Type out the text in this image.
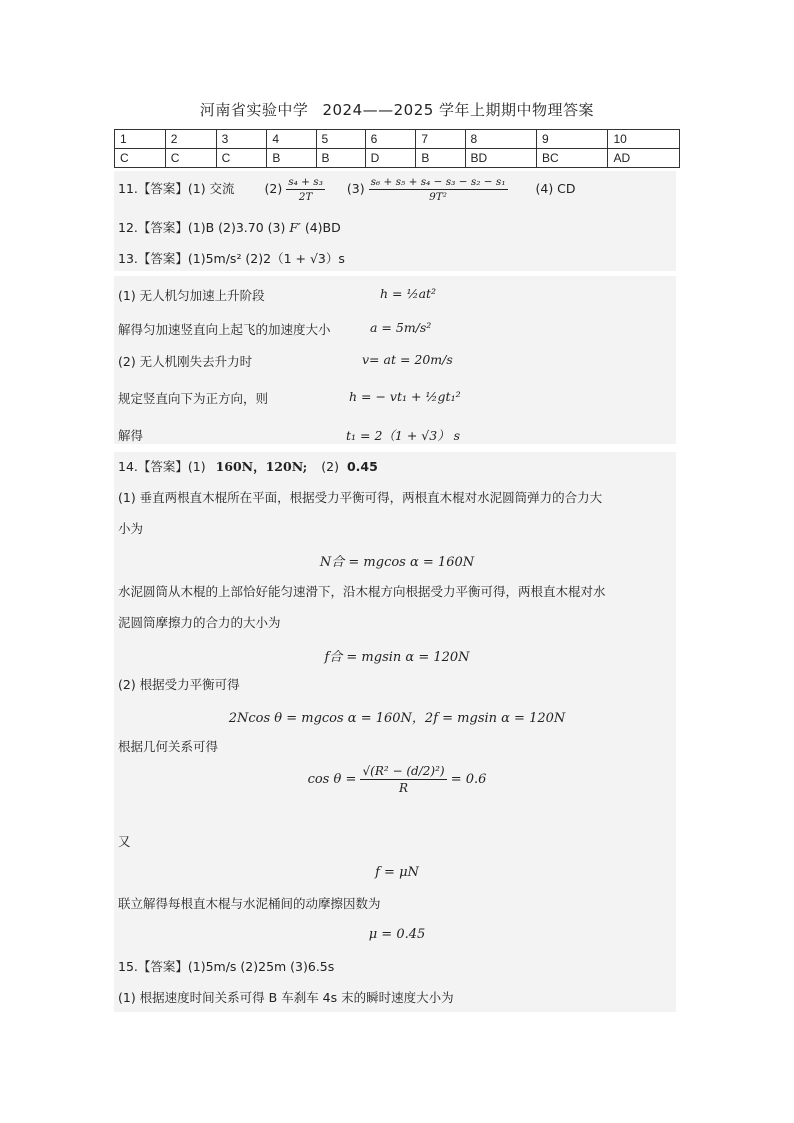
河南省实验中学 2024——2025 学年上期期中物理答案
1	2	3	4	5	6	7	8	9	10
C	C	C	B	B	D	B	BD	BC	AD
11.【答案】(1) 交流 $(2) \frac{\text{s₄ + s₃}}{2T} (3) \frac{\text{s₆ + s₅ + s₄ − s₃ − s₂ − s₁}}{\text{9T²}} (4)$ CD
12.【答案】(1)B (2)3.70 (3) F′ (4)BD
13.【答案】(1)5m/s² (2)2（1 + √3）s
(1) 无人机匀加速上升阶段	h = ½at²
解得匀加速竖直向上起飞的加速度大小	a = 5m/s²
(2) 无人机刚失去升力时	v= at = 20m/s
规定竖直向下为正方向，则	h = − vt₁ + ½gt₁²
解得	t₁ = 2（1 + √3） s
14.【答案】(1) 160N，120N; (2) 0.45
(1) 垂直两根直木棍所在平面，根据受力平衡可得，两根直木棍对水泥圆筒弹力的合力大
小为
N合 = mgcos α = 160N
水泥圆筒从木棍的上部恰好能匀速滑下，沿木棍方向根据受力平衡可得，两根直木棍对水
泥圆筒摩擦力的合力的大小为
f合 = mgsin α = 120N
(2) 根据受力平衡可得
2Ncos θ = mgcos α = 160N，2f = mgsin α = 120N
根据几何关系可得
$\cos \theta = \frac{\text{√(R² − (d/2)²)}}{R} = 0.6$
又
f = μN
联立解得每根直木棍与水泥桶间的动摩擦因数为
μ = 0.45
15.【答案】(1)5m/s (2)25m (3)6.5s
(1) 根据速度时间关系可得 B 车刹车 4s 末的瞬时速度大小为
